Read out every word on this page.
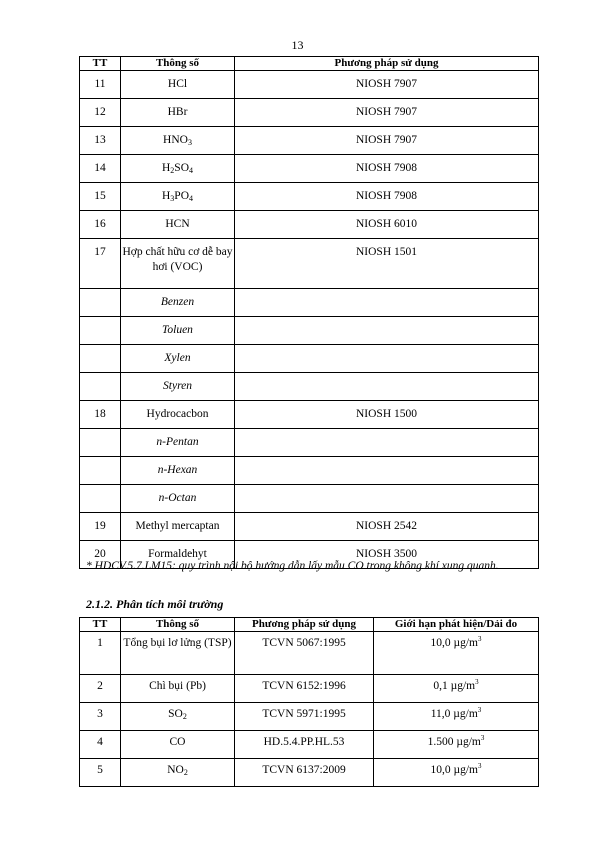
13
TT	Thông số	Phương pháp sử dụng
11	HCl	NIOSH 7907
12	HBr	NIOSH 7907
13	$HNO_3$	NIOSH 7907
14	$H_2SO_4$	NIOSH 7908
15	$H_3PO_4$	NIOSH 7908
16	HCN	NIOSH 6010
17	Hợp chất hữu cơ dễ bay hơi (VOC)	NIOSH 1501
	Benzen	
	Toluen	
	Xylen	
	Styren	
18	Hydrocacbon	NIOSH 1500
	n-Pentan	
	n-Hexan	
	n-Octan	
19	Methyl mercaptan	NIOSH 2542
20	Formaldehyt	NIOSH 3500
* HDCV.5.7.LM15: quy trình nội bộ hướng dẫn lấy mẫu CO trong không khí xung quanh.
2.1.2. Phân tích môi trường
TT	Thông số	Phương pháp sử dụng	Giới hạn phát hiện/Dải đo
1	Tổng bụi lơ lửng (TSP)	TCVN 5067:1995	10,0 $\mu g/m^3$
2	Chì bụi (Pb)	TCVN 6152:1996	0,1 $\mu g/m^3$
3	$SO_2$	TCVN 5971:1995	11,0 $\mu g/m^3$
4	CO	HD.5.4.PP.HL.53	1.500 $\mu g/m^3$
5	$NO_2$	TCVN 6137:2009	10,0 $\mu g/m^3$
